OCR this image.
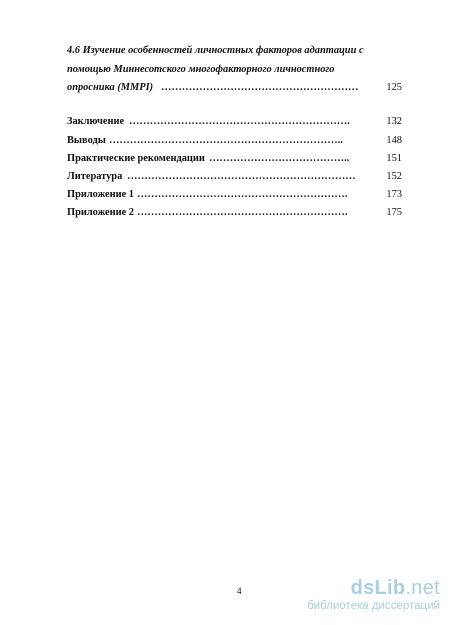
4.6 Изучение особенностей личностных факторов адаптации с
помощью Миннесотского многофакторного личностного
опросника (MMPI) …………………………………………………	125
Заключение ……………………………………………………….	132
Выводы …………………………………………………………..	148
Практические рекомендации …………………………………..	151
Литература …………………………………………………………	152
Приложение 1 …………………………………………………….	173
Приложение 2 …………………………………………………….	175
4	dsLib.net
библиотека диссертаций
